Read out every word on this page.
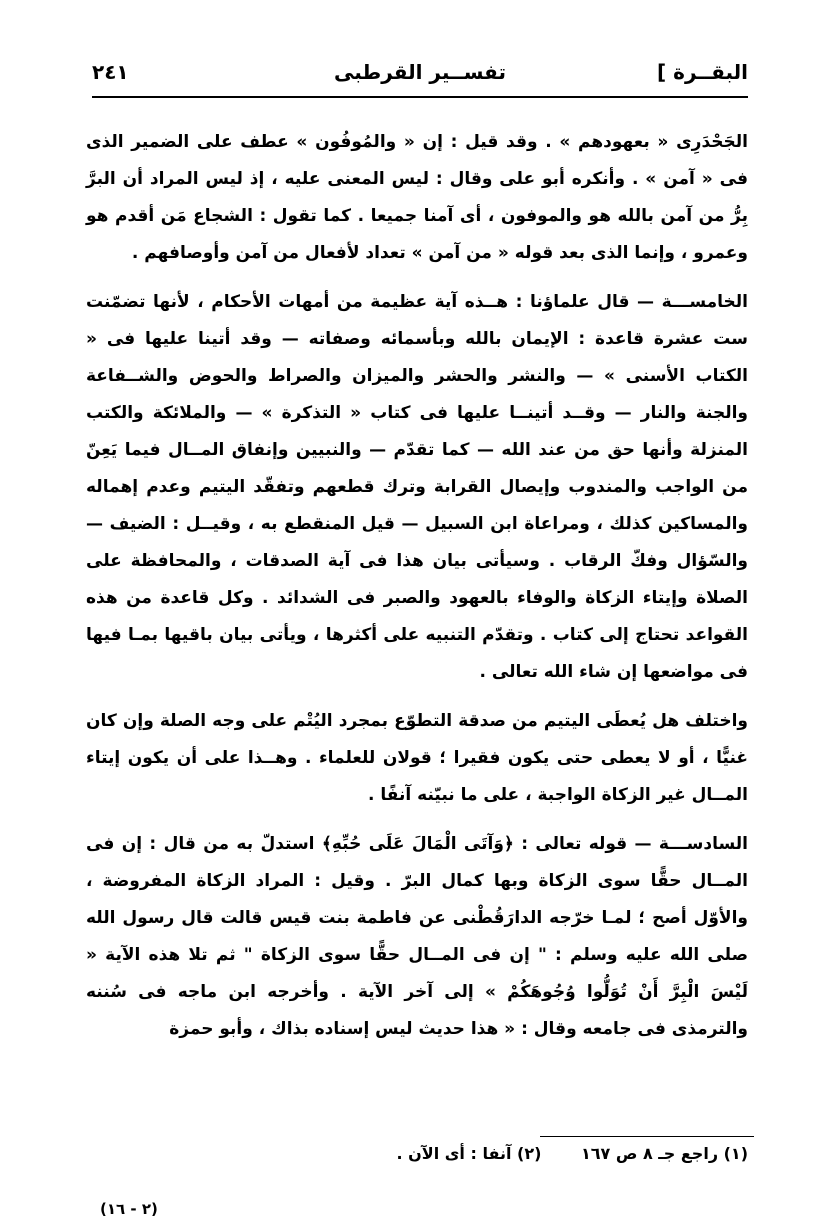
البقــرة ]
تفســير القرطبى
٢٤١

الجَحْدَرِى « بعهودهم » . وقد قيل : إن « والمُوفُون » عطف على الضمير الذى فى « آمن » . وأنكره أبو على وقال : ليس المعنى عليه ، إذ ليس المراد أن البرَّ بِرُّ من آمن بالله هو والموفون ، أى آمنا جميعا . كما تقول : الشجاع مَن أقدم هو وعمرو ، وإنما الذى بعد قوله « من آمن » تعداد لأفعال من آمن وأوصافهم .

الخامســـة — قال علماؤنا : هــذه آية عظيمة من أمهات الأحكام ، لأنها تضمّنت ست عشرة قاعدة : الإيمان بالله وبأسمائه وصفاته — وقد أتينا عليها فى « الكتاب الأسنى » — والنشر والحشر والميزان والصراط والحوض والشــفاعة والجنة والنار — وقــد أتينــا عليها فى كتاب « التذكرة » — والملائكة والكتب المنزلة وأنها حق من عند الله — كما تقدّم — والنبيين وإنفاق المــال فيما يَعِنّ من الواجب والمندوب وإيصال القرابة وترك قطعهم وتفقّد اليتيم وعدم إهماله والمساكين كذلك ، ومراعاة ابن السبيل — قيل المنقطع به ، وقيــل : الضيف — والسّؤال وفكّ الرقاب . وسيأتى بيان هذا فى آية الصدقات ، والمحافظة على الصلاة وإيتاء الزكاة والوفاء بالعهود والصبر فى الشدائد . وكل قاعدة من هذه القواعد تحتاج إلى كتاب . وتقدّم التنبيه على أكثرها ، ويأتى بيان باقيها بمـا فيها فى مواضعها إن شاء الله تعالى .

واختلف هل يُعطَى اليتيم من صدقة التطوّع بمجرد اليُتْم على وجه الصلة وإن كان غنيًّا ، أو لا يعطى حتى يكون فقيرا ؛ قولان للعلماء . وهــذا على أن يكون إيتاء المــال غير الزكاة الواجبة ، على ما نبيّنه آنفًا .

السادســـة — قوله تعالى : ﴿وَآتَى الْمَالَ عَلَى حُبِّهِ﴾ استدلّ به من قال : إن فى المــال حقًّا سوى الزكاة وبها كمال البرّ . وقيل : المراد الزكاة المفروضة ، والأوّل أصح ؛ لمـا خرّجه الدارَقُطْنى عن فاطمة بنت قيس قالت قال رسول الله صلى الله عليه وسلم : " إن فى المــال حقًّا سوى الزكاة " ثم تلا هذه الآية « لَيْسَ الْبِرَّ أَنْ تُوَلُّوا وُجُوهَكُمْ » إلى آخر الآية . وأخرجه ابن ماجه فى سُننه والترمذى فى جامعه وقال : « هذا حديث ليس إسناده بذاك ، وأبو حمزة

(١) راجع جـ ٨ ص ١٦٧ (٢) آنفا : أى الآن .
(٢ - ١٦)
